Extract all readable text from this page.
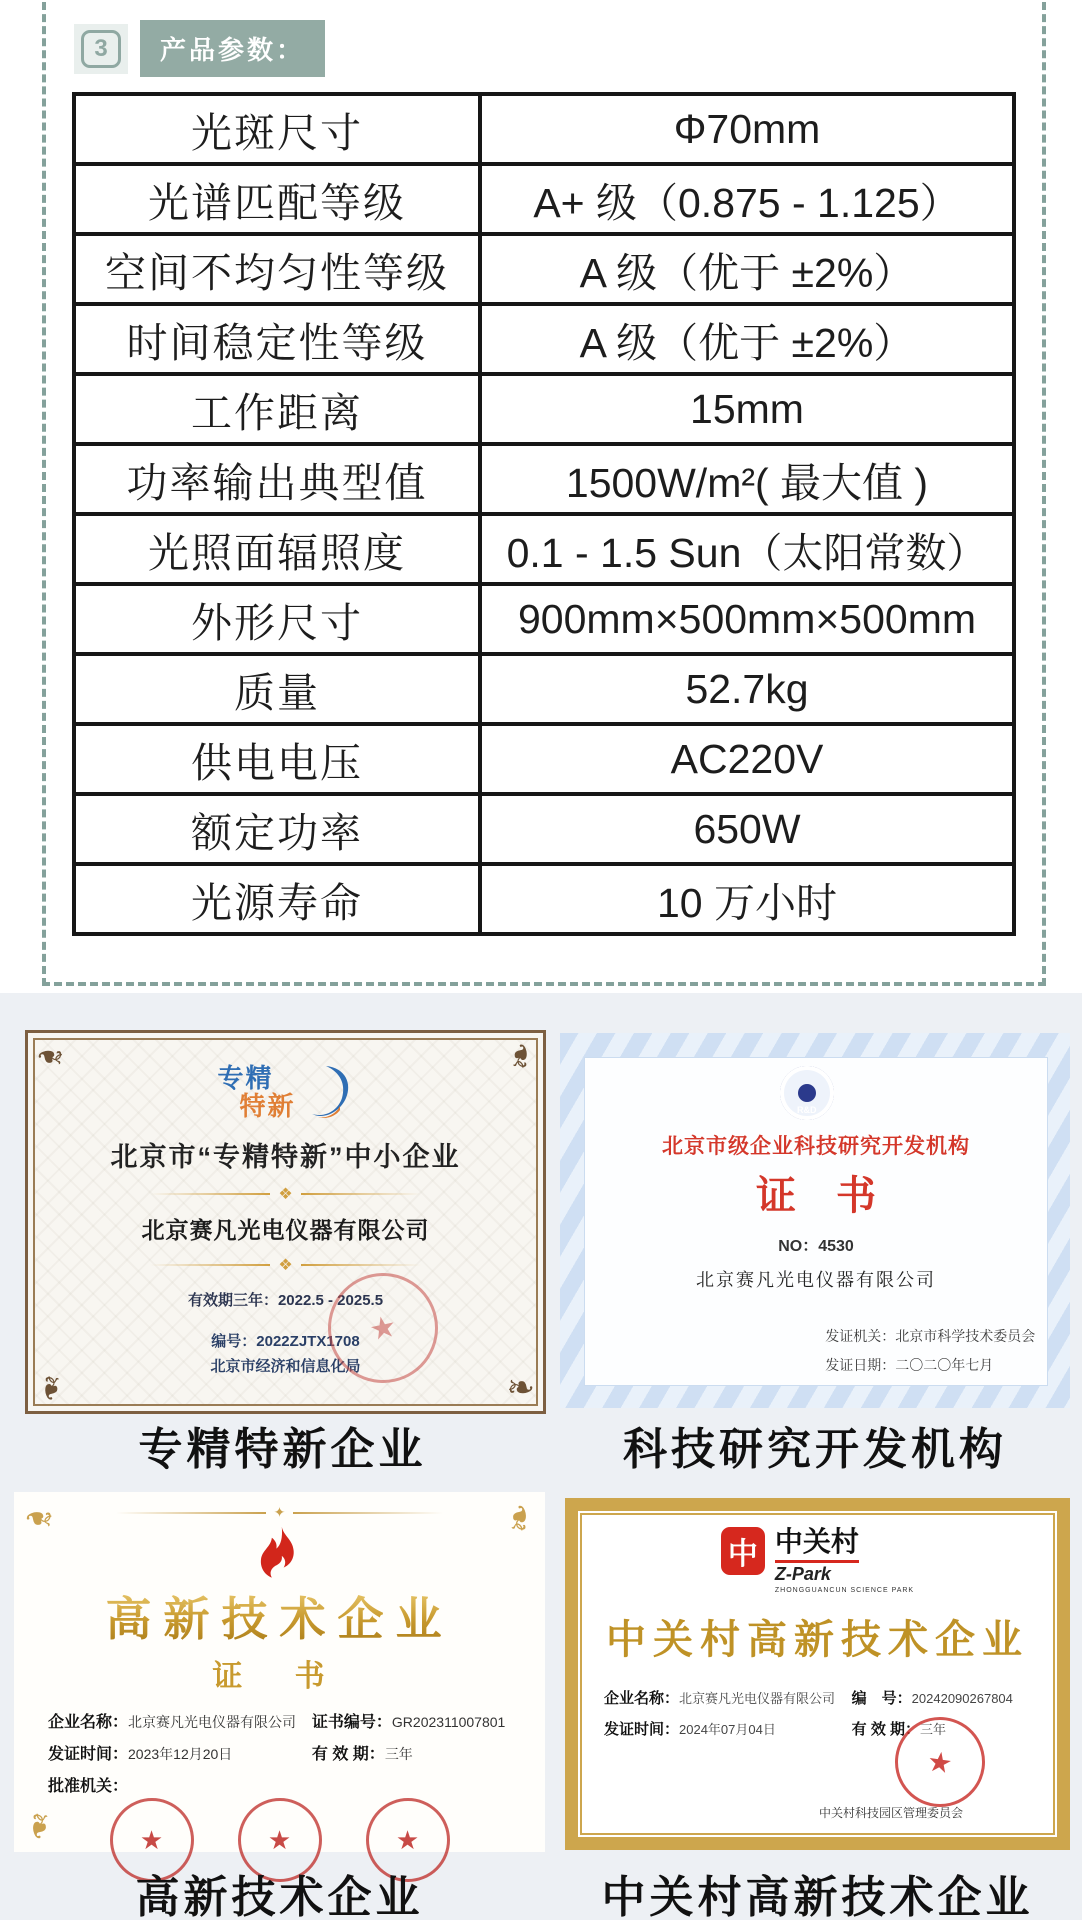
3	产品参数：
光斑尺寸	Φ70mm
光谱匹配等级	A+ 级（0.875 - 1.125）
空间不均匀性等级	A 级（优于 ±2%）
时间稳定性等级	A 级（优于 ±2%）
工作距离	15mm
功率输出典型值	1500W/m²( 最大值 )
光照面辐照度	0.1 - 1.5 Sun（太阳常数）
外形尺寸	900mm×500mm×500mm
质量	52.7kg
供电电压	AC220V
额定功率	650W
光源寿命	10 万小时
❧	❧
❧	❧
专精
特新
北京市“专精特新”中小企业
❖
北京赛凡光电仪器有限公司
❖
有效期三年：2022.5 - 2025.5
编号：2022ZJTX1708
北京市经济和信息化局
★
R&D
北京市级企业科技研究开发机构
证　书
NO：4530
北京赛凡光电仪器有限公司
发证机关：北京市科学技术委员会
发证日期：二〇二〇年七月
专精特新企业	科技研究开发机构
❧	❧
❧
✦
高新技术企业
证 书
企业名称：北京赛凡光电仪器有限公司 证书编号：GR202311007801
发证时间：2023年12月20日	有 效 期：三年
批准机关：
★	★	★
中 中关村
Z-Park
ZHONGGUANCUN SCIENCE PARK
中关村高新技术企业
企业名称：北京赛凡光电仪器有限公司	编　号：20242090267804
发证时间：2024年07月04日	有 效 期：三年
中关村科技园区管理委员会
★
高新技术企业	中关村高新技术企业
